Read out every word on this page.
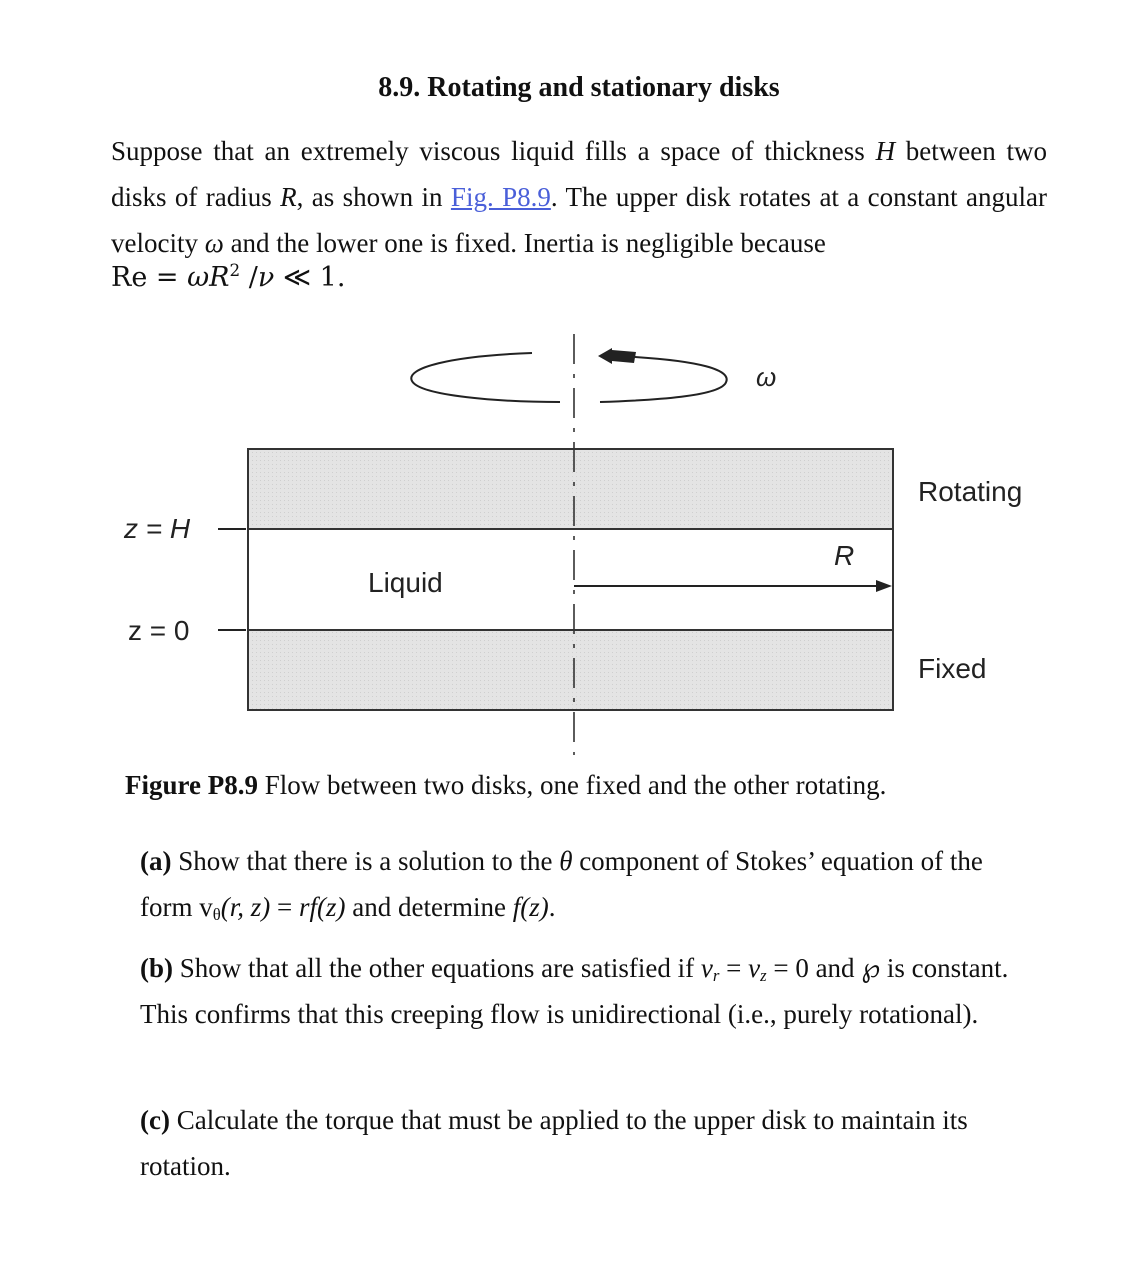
8.9. Rotating and stationary disks
Suppose that an extremely viscous liquid fills a space of thickness H between two disks of radius R, as shown in Fig. P8.9. The upper disk rotates at a constant angular velocity ω and the lower one is fixed. Inertia is negligible because
$Re = \omega R^2$ /ν ≪ 1.
ω
Rotating
Fixed
Liquid
R
z = H
z = 0
Figure P8.9 Flow between two disks, one fixed and the other rotating.
(a) Show that there is a solution to the θ component of Stokes’ equation of the form $v_\theta(r$, z) = rf(z) and determine f(z).
(b) Show that all the other equations are satisfied if $v_r = v_z = 0$ and ℘ is constant. This confirms that this creeping flow is unidirectional (i.e., purely rotational).
(c) Calculate the torque that must be applied to the upper disk to maintain its rotation.
